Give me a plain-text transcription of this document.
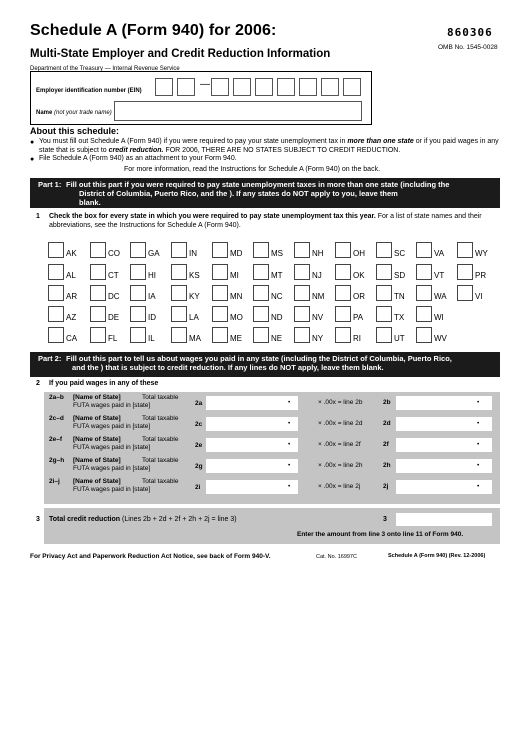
Schedule A (Form 940) for 2006:	860306
Multi-State Employer and Credit Reduction Information
OMB No. 1545-0028
Department of the Treasury — Internal Revenue Service
Employer identification number (EIN)
—
Name (not your trade name)
About this schedule:
● You must fill out Schedule A (Form 940) if you were required to pay your state unemployment tax in more than one state or if you paid wages in any state that is subject to credit reduction. FOR 2006, THERE ARE NO STATES SUBJECT TO CREDIT REDUCTION.
● File Schedule A (Form 940) as an attachment to your Form 940.
For more information, read the Instructions for Schedule A (Form 940) on the back.
Part 1: Fill out this part if you were required to pay state unemployment taxes in more than one state (including the
District of Columbia, Puerto Rico, and the ). If any states do NOT apply to you, leave them
blank.
1 Check the box for every state in which you were required to pay state unemployment tax this year. For a list of state names and their abbreviations, see the Instructions for Schedule A (Form 940).
AK	CO	GA	IN	MD	MS	NH	OH	SC	VA	WY
AL	CT	HI	KS	MI	MT	NJ	OK	SD	VT	PR
AR	DC	IA	KY	MN	NC	NM	OR	TN	WA	VI
AZ	DE	ID	LA	MO	ND	NV	PA	TX	WI
CA	FL	IL	MA	ME	NE	NY	RI	UT	WV
Part 2: Fill out this part to tell us about wages you paid in any state (including the District of Columbia, Puerto Rico,
and the ) that is subject to credit reduction. If any lines do NOT apply, leave them blank.
2 If you paid wages in any of these
2a–b [Name of State]	Total taxable
FUTA wages paid in [state]	2a	•	× .00x = line 2b	2b	•
2c–d [Name of State]	Total taxable
FUTA wages paid in [state]	2c	•	× .00x = line 2d	2d	•
2e–f [Name of State]	Total taxable
FUTA wages paid in [state]	2e	•	× .00x = line 2f	2f	•
2g–h [Name of State]	Total taxable
FUTA wages paid in [state]	2g	•	× .00x = line 2h	2h	•
2i–j [Name of State]	Total taxable
FUTA wages paid in [state]	2i	•	× .00x = line 2j	2j	•
3 Total credit reduction (Lines 2b + 2d + 2f + 2h + 2j = line 3)	3
Enter the amount from line 3 onto line 11 of Form 940.
For Privacy Act and Paperwork Reduction Act Notice, see back of Form 940-V.	Cat. No. 16997C	Schedule A (Form 940) (Rev. 12-2006)
